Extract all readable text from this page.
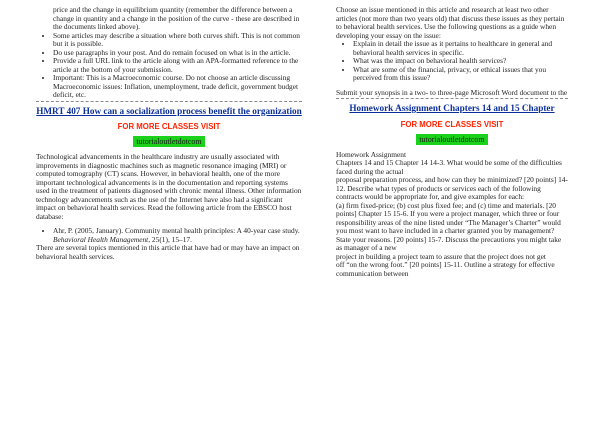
price and the change in equilibrium quantity (remember the difference between a change in quantity and a change in the position of the curve - these are described in the documents linked above).

• Some articles may describe a situation where both curves shift. This is not common but it is possible.
• Do use paragraphs in your post. And do remain focused on what is in the article.
• Provide a full URL link to the article along with an APA-formatted reference to the article at the bottom of your submission.
• Important: This is a Macroeconomic course. Do not choose an article discussing Macroeconomic issues: Inflation, unemployment, trade deficit, government budget deficit, etc.
HMRT 407 How can a socialization process benefit the organization
FOR MORE CLASSES VISIT
tutorialoutletdotcom

Technological advancements in the healthcare industry are usually associated with improvements in diagnostic machines such as magnetic resonance imaging (MRI) or computed tomography (CT) scans. However, in behavioral health, one of the more important technological advancements is in the documentation and reporting systems used in the treatment of patients diagnosed with chronic mental illness. Other information technology advancements such as the use of the Internet have also had a significant impact on behavioral health services. Read the following article from the EBSCO host database:

• Ahr, P. (2005, January). Community mental health principles: A 40-year case study. Behavioral Health Management, 25(1), 15–17.

There are several topics mentioned in this article that have had or may have an impact on behavioral health services.

Choose an issue mentioned in this article and research at least two other articles (not more than two years old) that discuss these issues as they pertain to behavioral health services. Use the following questions as a guide when developing your essay on the issue:

• Explain in detail the issue as it pertains to healthcare in general and behavioral health services in specific.
• What was the impact on behavioral health services?
• What are some of the financial, privacy, or ethical issues that you perceived from this issue?

Submit your synopsis in a two- to three-page Microsoft Word document to the

Homework Assignment Chapters 14 and 15 Chapter
FOR MORE CLASSES VISIT
tutorialoutletdotcom

Homework Assignment

Chapters 14 and 15 Chapter 14 14-3. What would be some of the difficulties faced during the actual

proposal preparation process, and how can they be minimized? [20 points] 14-12. Describe what types of products or services each of the following contracts would be appropriate for, and give examples for each:

(a) firm fixed-price; (b) cost plus fixed fee; and (c) time and materials. [20

points] Chapter 15 15-6. If you were a project manager, which three or four

responsibility areas of the nine listed under “The Manager’s Charter” would you most want to have included in a charter granted you by management? State your reasons. [20 points] 15-7. Discuss the precautions you might take as manager of a new

project in building a project team to assure that the project does not get

off “on the wrong foot.” [20 points] 15-11. Outline a strategy for effective communication between
